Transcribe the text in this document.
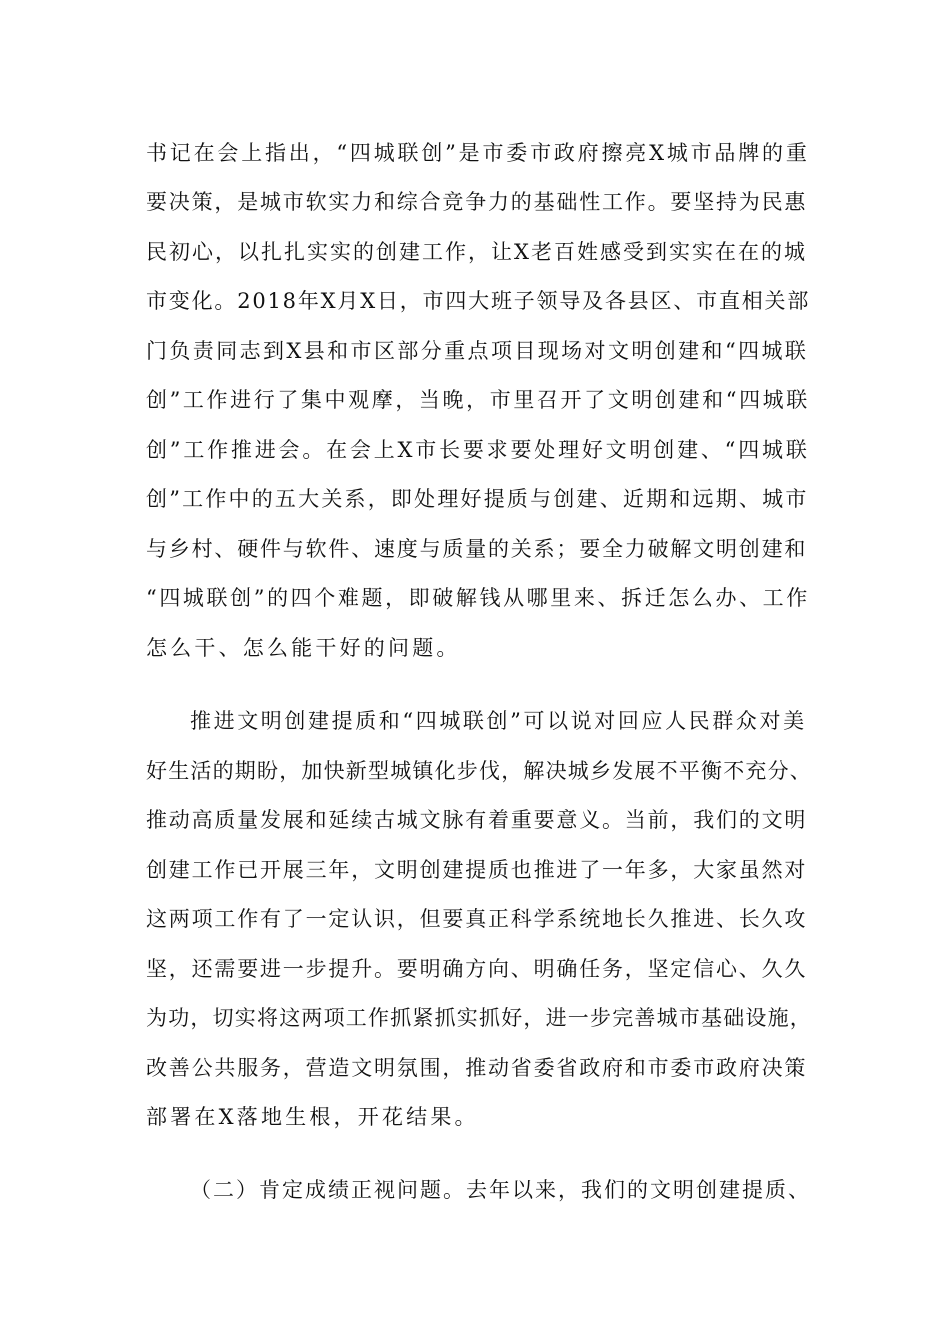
书记在会上指出，“四城联创”是市委市政府擦亮X城市品牌的重
要决策，是城市软实力和综合竞争力的基础性工作。要坚持为民惠
民初心，以扎扎实实的创建工作，让X老百姓感受到实实在在的城
市变化。2018年X月X日，市四大班子领导及各县区、市直相关部
门负责同志到X县和市区部分重点项目现场对文明创建和“四城联
创”工作进行了集中观摩，当晚，市里召开了文明创建和“四城联
创”工作推进会。在会上X市长要求要处理好文明创建、“四城联
创”工作中的五大关系，即处理好提质与创建、近期和远期、城市
与乡村、硬件与软件、速度与质量的关系；要全力破解文明创建和
“四城联创”的四个难题，即破解钱从哪里来、拆迁怎么办、工作
怎么干、怎么能干好的问题。
推进文明创建提质和“四城联创”可以说对回应人民群众对美
好生活的期盼，加快新型城镇化步伐，解决城乡发展不平衡不充分、
推动高质量发展和延续古城文脉有着重要意义。当前，我们的文明
创建工作已开展三年，文明创建提质也推进了一年多，大家虽然对
这两项工作有了一定认识，但要真正科学系统地长久推进、长久攻
坚，还需要进一步提升。要明确方向、明确任务，坚定信心、久久
为功，切实将这两项工作抓紧抓实抓好，进一步完善城市基础设施，
改善公共服务，营造文明氛围，推动省委省政府和市委市政府决策
部署在X落地生根，开花结果。
（二）肯定成绩正视问题。去年以来，我们的文明创建提质、
